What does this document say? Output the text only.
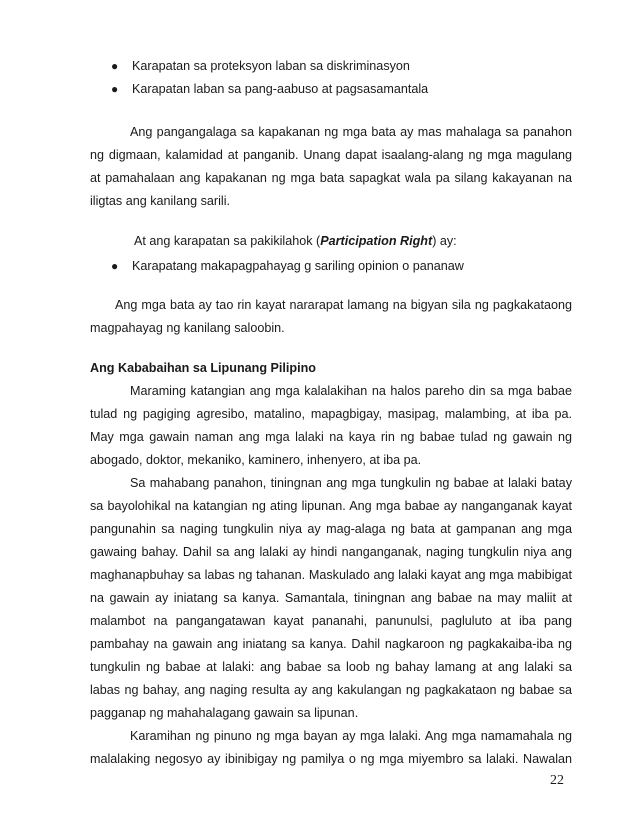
● Karapatan sa proteksyon laban sa diskriminasyon
● Karapatan laban sa pang-aabuso at pagsasamantala
Ang pangangalaga sa kapakanan ng mga bata ay mas mahalaga sa panahon
ng digmaan, kalamidad at panganib. Unang dapat isaalang-alang ng mga magulang
at pamahalaan ang kapakanan ng mga bata sapagkat wala pa silang kakayanan na
iligtas ang kanilang sarili.
At ang karapatan sa pakikilahok (Participation Right) ay:
● Karapatang makapagpahayag g sariling opinion o pananaw
Ang mga bata ay tao rin kayat nararapat lamang na bigyan sila ng pagkakataong
magpahayag ng kanilang saloobin.
Ang Kababaihan sa Lipunang Pilipino
Maraming katangian ang mga kalalakihan na halos pareho din sa mga babae
tulad ng pagiging agresibo, matalino, mapagbigay, masipag, malambing, at iba pa.
May mga gawain naman ang mga lalaki na kaya rin ng babae tulad ng gawain ng
abogado, doktor, mekaniko, kaminero, inhenyero, at iba pa.
Sa mahabang panahon, tiningnan ang mga tungkulin ng babae at lalaki batay
sa bayolohikal na katangian ng ating lipunan. Ang mga babae ay nanganganak kayat
pangunahin sa naging tungkulin niya ay mag-alaga ng bata at gampanan ang mga
gawaing bahay. Dahil sa ang lalaki ay hindi nanganganak, naging tungkulin niya ang
maghanapbuhay sa labas ng tahanan. Maskulado ang lalaki kayat ang mga mabibigat
na gawain ay iniatang sa kanya. Samantala, tiningnan ang babae na may maliit at
malambot na pangangatawan kayat pananahi, panunulsi, pagluluto at iba pang
pambahay na gawain ang iniatang sa kanya. Dahil nagkaroon ng pagkakaiba-iba ng
tungkulin ng babae at lalaki: ang babae sa loob ng bahay lamang at ang lalaki sa
labas ng bahay, ang naging resulta ay ang kakulangan ng pagkakataon ng babae sa
pagganap ng mahahalagang gawain sa lipunan.
Karamihan ng pinuno ng mga bayan ay mga lalaki. Ang mga namamahala ng
malalaking negosyo ay ibinibigay ng pamilya o ng mga miyembro sa lalaki. Nawalan
22
